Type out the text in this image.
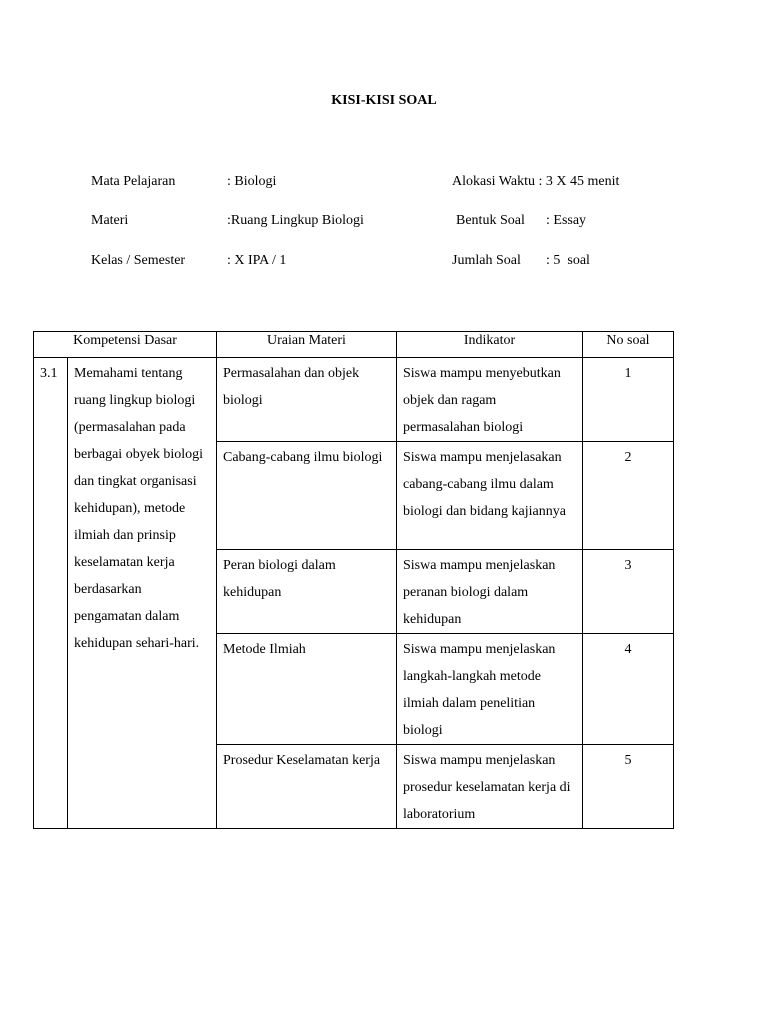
KISI-KISI SOAL
Mata Pelajaran	: Biologi	Alokasi Waktu : 3 X 45 menit
Materi	:Ruang Lingkup Biologi	Bentuk Soal : Essay
Kelas / Semester	: X IPA / 1	Jumlah Soal : 5  soal
Kompetensi Dasar		Uraian Materi	Indikator	No soal
3.1	Memahami tentang ruang lingkup biologi (permasalahan pada berbagai obyek biologi dan tingkat organisasi kehidupan), metode ilmiah dan prinsip keselamatan kerja berdasarkan pengamatan dalam kehidupan sehari-hari.	Permasalahan dan objek biologi	Siswa mampu menyebutkan objek dan ragam permasalahan biologi	1
		Cabang-cabang ilmu biologi	Siswa mampu menjelasakan cabang-cabang ilmu dalam biologi dan bidang kajiannya	2
		Peran biologi dalam kehidupan	Siswa mampu menjelaskan peranan biologi dalam kehidupan	3
		Metode Ilmiah	Siswa mampu menjelaskan langkah-langkah metode ilmiah dalam penelitian biologi	4
		Prosedur Keselamatan kerja	Siswa mampu menjelaskan prosedur keselamatan kerja di laboratorium	5
